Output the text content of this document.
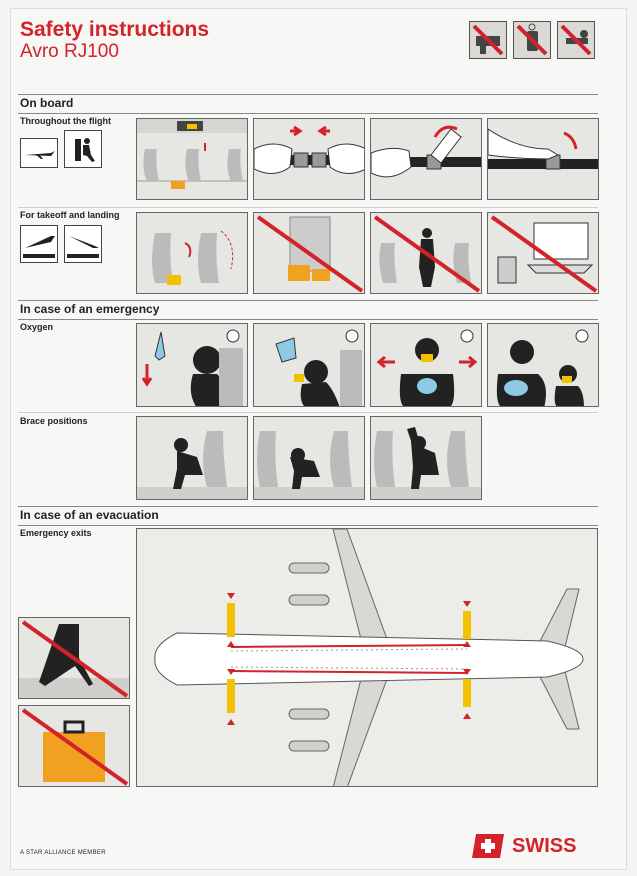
Safety instructions
Avro RJ100
On board
Throughout the flight
For takeoff and landing
In case of an emergency
Oxygen
Brace positions
In case of an evacuation
Emergency exits
A STAR ALLIANCE MEMBER	SWISS
